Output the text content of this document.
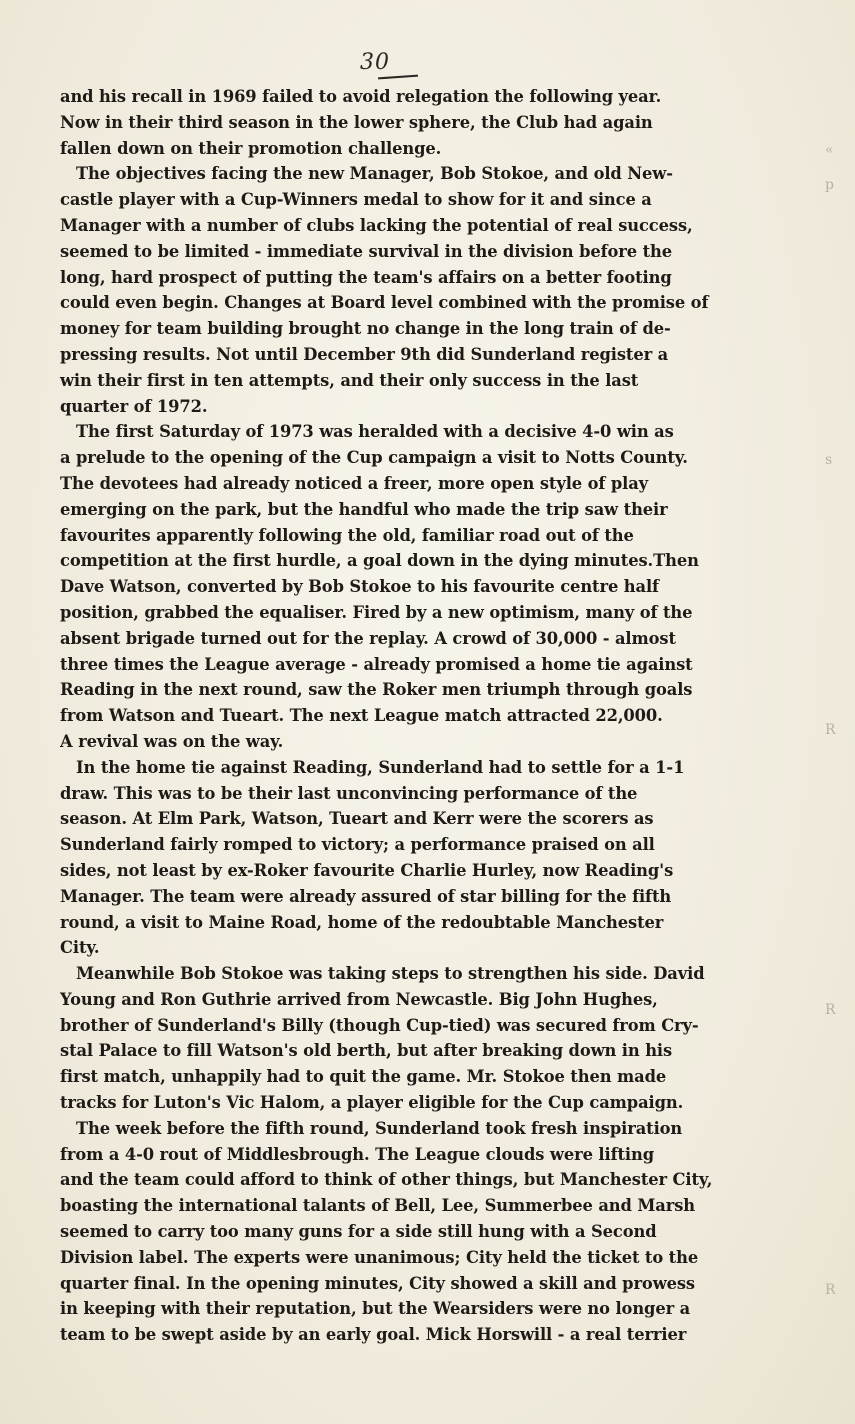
30
and his recall in 1969 failed to avoid relegation the following year.
Now in their third season in the lower sphere, the Club had again
fallen down on their promotion challenge.
The objectives facing the new Manager, Bob Stokoe, and old New-
castle player with a Cup-Winners medal to show for it and since a
Manager with a number of clubs lacking the potential of real success,
seemed to be limited - immediate survival in the division before the
long, hard prospect of putting the team's affairs on a better footing
could even begin. Changes at Board level combined with the promise of
money for team building brought no change in the long train of de-
pressing results. Not until December 9th did Sunderland register a
win their first in ten attempts, and their only success in the last
quarter of 1972.
The first Saturday of 1973 was heralded with a decisive 4-0 win as
a prelude to the opening of the Cup campaign a visit to Notts County.
The devotees had already noticed a freer, more open style of play
emerging on the park, but the handful who made the trip saw their
favourites apparently following the old, familiar road out of the
competition at the first hurdle, a goal down in the dying minutes.Then
Dave Watson, converted by Bob Stokoe to his favourite centre half
position, grabbed the equaliser. Fired by a new optimism, many of the
absent brigade turned out for the replay. A crowd of 30,000 - almost
three times the League average - already promised a home tie against
Reading in the next round, saw the Roker men triumph through goals
from Watson and Tueart. The next League match attracted 22,000.
A revival was on the way.
In the home tie against Reading, Sunderland had to settle for a 1-1
draw. This was to be their last unconvincing performance of the
season. At Elm Park, Watson, Tueart and Kerr were the scorers as
Sunderland fairly romped to victory; a performance praised on all
sides, not least by ex-Roker favourite Charlie Hurley, now Reading's
Manager. The team were already assured of star billing for the fifth
round, a visit to Maine Road, home of the redoubtable Manchester
City.
Meanwhile Bob Stokoe was taking steps to strengthen his side. David
Young and Ron Guthrie arrived from Newcastle. Big John Hughes,
brother of Sunderland's Billy (though Cup-tied) was secured from Cry-
stal Palace to fill Watson's old berth, but after breaking down in his
first match, unhappily had to quit the game. Mr. Stokoe then made
tracks for Luton's Vic Halom, a player eligible for the Cup campaign.
The week before the fifth round, Sunderland took fresh inspiration
from a 4-0 rout of Middlesbrough. The League clouds were lifting
and the team could afford to think of other things, but Manchester City,
boasting the international talants of Bell, Lee, Summerbee and Marsh
seemed to carry too many guns for a side still hung with a Second
Division label. The experts were unanimous; City held the ticket to the
quarter final. In the opening minutes, City showed a skill and prowess
in keeping with their reputation, but the Wearsiders were no longer a
team to be swept aside by an early goal. Mick Horswill - a real terrier
«
p
s
R
R
R
